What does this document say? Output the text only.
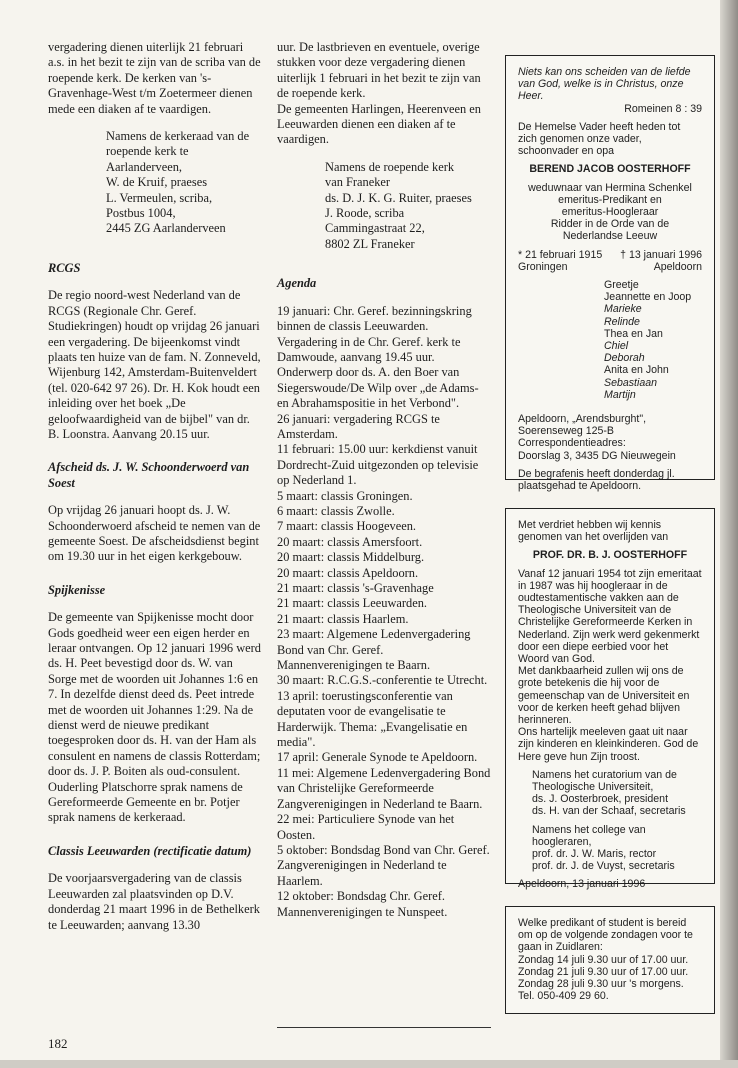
vergadering dienen uiterlijk 21 februari a.s. in het bezit te zijn van de scriba van de roepende kerk. De kerken van 's-Gravenhage-West t/m Zoetermeer dienen mede een diaken af te vaardigen.

Namens de kerkeraad van de

roepende kerk te

Aarlanderveen,

W. de Kruif, praeses

L. Vermeulen, scriba,

Postbus 1004,

2445 ZG Aarlanderveen

RCGS

De regio noord-west Nederland van de RCGS (Regionale Chr. Geref. Studiekringen) houdt op vrijdag 26 januari een vergadering. De bijeenkomst vindt plaats ten huize van de fam. N. Zonneveld, Wijenburg 142, Amsterdam-Buitenveldert (tel. 020-642 97 26). Dr. H. Kok houdt een inleiding over het boek „De geloofwaardigheid van de bijbel" van dr. B. Loonstra. Aanvang 20.15 uur.

Afscheid ds. J. W. Schoonderwoerd van Soest

Op vrijdag 26 januari hoopt ds. J. W. Schoonderwoerd afscheid te nemen van de gemeente Soest. De afscheidsdienst begint om 19.30 uur in het eigen kerkgebouw.

Spijkenisse

De gemeente van Spijkenisse mocht door Gods goedheid weer een eigen herder en leraar ontvangen. Op 12 januari 1996 werd ds. H. Peet bevestigd door ds. W. van Sorge met de woorden uit Johannes 1:6 en 7. In dezelfde dienst deed ds. Peet intrede met de woorden uit Johannes 1:29. Na de dienst werd de nieuwe predikant toegesproken door ds. H. van der Ham als consulent en namens de classis Rotterdam; door ds. J. P. Boiten als oud-consulent. Ouderling Platschorre sprak namens de Gereformeerde Gemeente en br. Potjer sprak namens de kerkeraad.

Classis Leeuwarden (rectificatie datum)

De voorjaarsvergadering van de classis Leeuwarden zal plaatsvinden op D.V. donderdag 21 maart 1996 in de Bethelkerk te Leeuwarden; aanvang 13.30

uur. De lastbrieven en eventuele, overige stukken voor deze vergadering dienen uiterlijk 1 februari in het bezit te zijn van de roepende kerk.

De gemeenten Harlingen, Heerenveen en Leeuwarden dienen een diaken af te vaardigen.

Namens de roepende kerk

van Franeker

ds. D. J. K. G. Ruiter, praeses

J. Roode, scriba

Cammingastraat 22,

8802 ZL Franeker

Agenda

19 januari: Chr. Geref. bezinningskring binnen de classis Leeuwarden. Vergadering in de Chr. Geref. kerk te Damwoude, aanvang 19.45 uur. Onderwerp door ds. A. den Boer van Siegerswoude/De Wilp over „de Adams- en Abrahamspositie in het Verbond".

26 januari: vergadering RCGS te Amsterdam.

11 februari: 15.00 uur: kerkdienst vanuit Dordrecht-Zuid uitgezonden op televisie op Nederland 1.

5 maart: classis Groningen.

6 maart: classis Zwolle.

7 maart: classis Hoogeveen.

20 maart: classis Amersfoort.

20 maart: classis Middelburg.

20 maart: classis Apeldoorn.

21 maart: classis 's-Gravenhage

21 maart: classis Leeuwarden.

21 maart: classis Haarlem.

23 maart: Algemene Ledenvergadering Bond van Chr. Geref. Mannenverenigingen te Baarn.

30 maart: R.C.G.S.-conferentie te Utrecht.

13 april: toerustingsconferentie van deputaten voor de evangelisatie te Harderwijk. Thema: „Evangelisatie en media".

17 april: Generale Synode te Apeldoorn.

11 mei: Algemene Ledenvergadering Bond van Christelijke Gereformeerde Zangverenigingen in Nederland te Baarn.

22 mei: Particuliere Synode van het Oosten.

5 oktober: Bondsdag Bond van Chr. Geref. Zangverenigingen in Nederland te Haarlem.

12 oktober: Bondsdag Chr. Geref. Mannenverenigingen te Nunspeet.

Niets kan ons scheiden van de liefde van God, welke is in Christus, onze Heer.

Romeinen 8 : 39

De Hemelse Vader heeft heden tot zich genomen onze vader, schoonvader en opa

BEREND JACOB OOSTERHOFF

weduwnaar van Hermina Schenkel

emeritus-Predikant en

emeritus-Hoogleraar

Ridder in de Orde van de

Nederlandse Leeuw

* 21 februari 1915 † 13 januari 1996
Groningen	Apeldoorn

Greetje

Jeannette en Joop

Marieke

Relinde

Thea en Jan

Chiel

Deborah

Anita en John

Sebastiaan

Martijn

Apeldoorn, „Arendsburght",

Soerenseweg 125-B

Correspondentieadres:

Doorslag 3, 3435 DG Nieuwegein

De begrafenis heeft donderdag jl. plaatsgehad te Apeldoorn.

Met verdriet hebben wij kennis genomen van het overlijden van

PROF. DR. B. J. OOSTERHOFF

Vanaf 12 januari 1954 tot zijn emeritaat in 1987 was hij hoogleraar in de oudtestamentische vakken aan de Theologische Universiteit van de Christelijke Gereformeerde Kerken in Nederland. Zijn werk werd gekenmerkt door een diepe eerbied voor het Woord van God.

Met dankbaarheid zullen wij ons de grote betekenis die hij voor de gemeenschap van de Universiteit en voor de kerken heeft gehad blijven herinneren.

Ons hartelijk meeleven gaat uit naar zijn kinderen en kleinkinderen. God de Here geve hun Zijn troost.

Namens het curatorium van de

Theologische Universiteit,

ds. J. Oosterbroek, president

ds. H. van der Schaaf, secretaris

Namens het college van

hoogleraren,

prof. dr. J. W. Maris, rector

prof. dr. J. de Vuyst, secretaris

Apeldoorn, 13 januari 1996

Welke predikant of student is bereid om op de volgende zondagen voor te gaan in Zuidlaren:

Zondag 14 juli 9.30 uur of 17.00 uur.

Zondag 21 juli 9.30 uur of 17.00 uur.

Zondag 28 juli 9.30 uur 's morgens.

Tel. 050-409 29 60.

182
